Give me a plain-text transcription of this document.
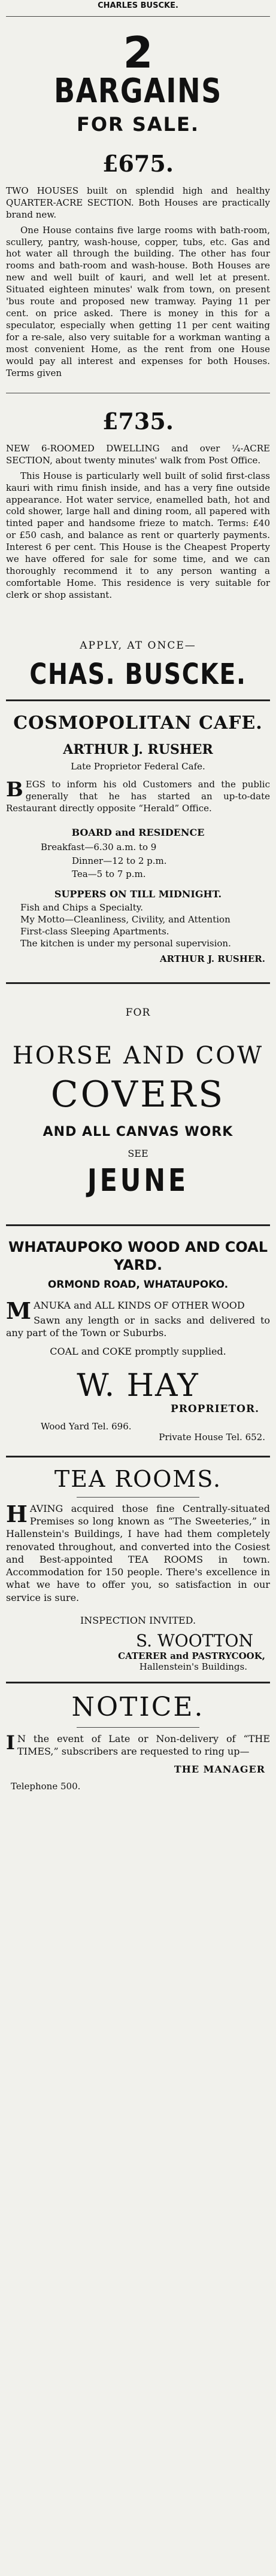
CHARLES BUSCKE.
2
BARGAINS
FOR SALE.
£675.

TWO HOUSES built on splendid high and healthy QUARTER-ACRE SECTION. Both Houses are practically brand new.

One House contains five large rooms with bath-room, scullery, pantry, wash-house, copper, tubs, etc. Gas and hot water all through the building. The other has four rooms and bath-room and wash-house. Both Houses are new and well built of kauri, and well let at present. Situated eighteen minutes' walk from town, on present 'bus route and proposed new tramway. Paying 11 per cent. on price asked. There is money in this for a speculator, especially when getting 11 per cent waiting for a re-sale, also very suitable for a workman wanting a most convenient Home, as the rent from one House would pay all interest and expenses for both Houses. Terms given

£735.

NEW 6-ROOMED DWELLING and over ¼-ACRE SECTION, about twenty minutes' walk from Post Office.

This House is particularly well built of solid first-class kauri with rimu finish inside, and has a very fine outside appearance. Hot water service, enamelled bath, hot and cold shower, large hall and dining room, all papered with tinted paper and handsome frieze to match. Terms: £40 or £50 cash, and balance as rent or quarterly payments. Interest 6 per cent. This House is the Cheapest Property we have offered for sale for some time, and we can thoroughly recommend it to any person wanting a comfortable Home. This residence is very suitable for clerk or shop assistant.

APPLY, AT ONCE—
CHAS. BUSCKE.
COSMOPOLITAN CAFE.
ARTHUR J. RUSHER
Late Proprietor Federal Cafe.

BEGS to inform his old Customers and the public generally that he has started an up-to-date Restaurant directly opposite “Herald” Office.

BOARD and RESIDENCE
Breakfast—6.30 a.m. to 9
Dinner—12 to 2 p.m.
Tea—5 to 7 p.m.
SUPPERS ON TILL MIDNIGHT.

Fish and Chips a Specialty.

My Motto—Cleanliness, Civility, and Attention

First-class Sleeping Apartments.

The kitchen is under my personal supervision.

ARTHUR J. RUSHER.
FOR
HORSE AND COW
COVERS
AND ALL CANVAS WORK
SEE
JEUNE
WHATAUPOKO WOOD AND COAL YARD.
ORMOND ROAD, WHATAUPOKO.

MANUKA and ALL KINDS OF OTHER WOOD

Sawn any length or in sacks and delivered to any part of the Town or Suburbs.

COAL and COKE promptly supplied.
W. HAY
PROPRIETOR.
Wood Yard Tel. 696.
Private House Tel. 652.
TEA ROOMS.

HAVING acquired those fine Centrally-situated Premises so long known as “The Sweeteries,” in Hallenstein's Buildings, I have had them completely renovated throughout, and converted into the Cosiest and Best-appointed TEA ROOMS in town. Accommodation for 150 people. There's excellence in what we have to offer you, so satisfaction in our service is sure.

INSPECTION INVITED.
S. WOOTTON
CATERER and PASTRYCOOK,
Hallenstein's Buildings.
NOTICE.

I N the event of Late or Non-delivery of “THE TIMES,” subscribers are requested to ring up—

THE MANAGER
Telephone 500.
